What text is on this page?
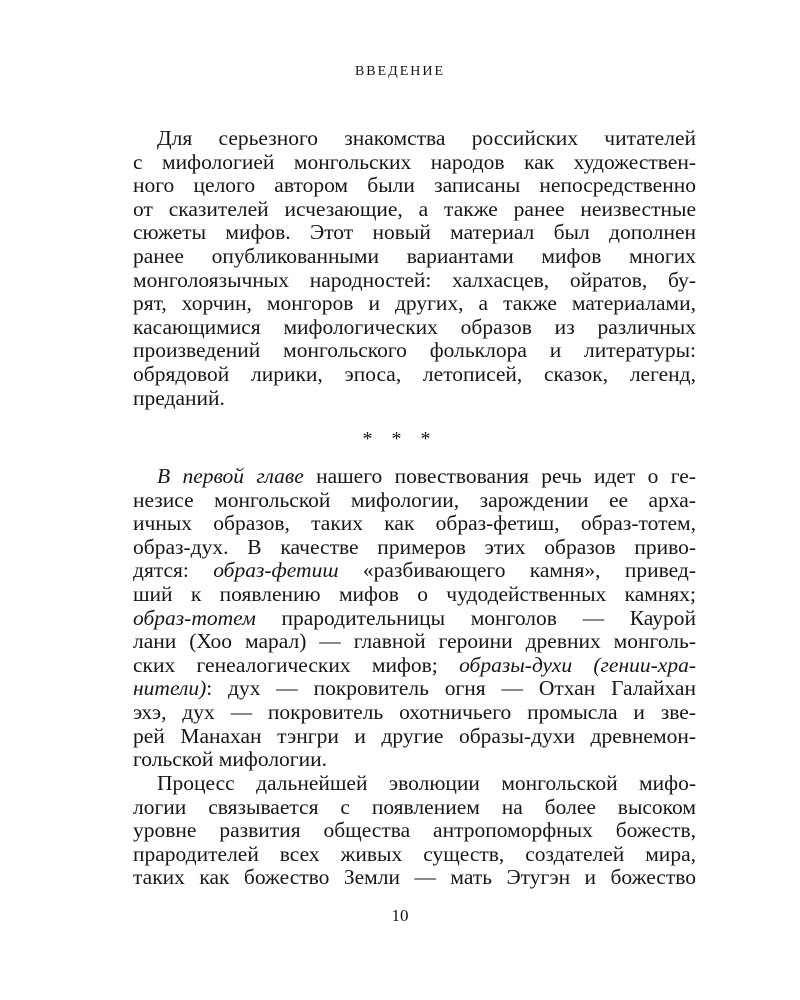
ВВЕДЕНИЕ
Для серьезного знакомства российских читателей
с мифологией монгольских народов как художествен-
ного целого автором были записаны непосредственно
от сказителей исчезающие, а также ранее неизвестные
сюжеты мифов. Этот новый материал был дополнен
ранее опубликованными вариантами мифов многих
монголоязычных народностей: халхасцев, ойратов, бу-
рят, хорчин, монгоров и других, а также материалами,
касающимися мифологических образов из различных
произведений монгольского фольклора и литературы:
обрядовой лирики, эпоса, летописей, сказок, легенд,
преданий.
* * *
В первой главе нашего повествования речь идет о ге-
незисе монгольской мифологии, зарождении ее арха-
ичных образов, таких как образ-фетиш, образ-тотем,
образ-дух. В качестве примеров этих образов приво-
дятся: образ-фетиш «разбивающего камня», привед-
ший к появлению мифов о чудодейственных камнях;
образ-тотем прародительницы монголов — Каурой
лани (Хоо марал) — главной героини древних монголь-
ских генеалогических мифов; образы-духи (гении-хра-
нители): дух — покровитель огня — Отхан Галайхан
эхэ, дух — покровитель охотничьего промысла и зве-
рей Манахан тэнгри и другие образы-духи древнемон-
гольской мифологии.
Процесс дальнейшей эволюции монгольской мифо-
логии связывается с появлением на более высоком
уровне развития общества антропоморфных божеств,
прародителей всех живых существ, создателей мира,
таких как божество Земли — мать Этугэн и божество
10
